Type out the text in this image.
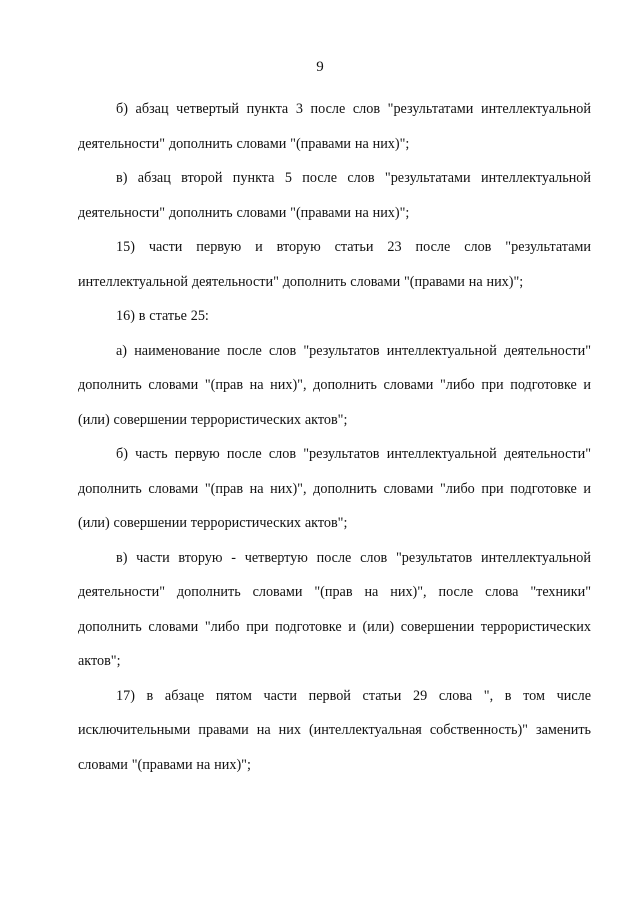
9

б) абзац четвертый пункта 3 после слов "результатами интеллектуальной деятельности" дополнить словами "(правами на них)";

в) абзац второй пункта 5 после слов "результатами интеллектуальной деятельности" дополнить словами "(правами на них)";

15) части первую и вторую статьи 23 после слов "результатами интеллектуальной деятельности" дополнить словами "(правами на них)";

16) в статье 25:

а) наименование после слов "результатов интеллектуальной деятельности" дополнить словами "(прав на них)", дополнить словами "либо при подготовке и (или) совершении террористических актов";

б) часть первую после слов "результатов интеллектуальной деятельности" дополнить словами "(прав на них)", дополнить словами "либо при подготовке и (или) совершении террористических актов";

в) части вторую - четвертую после слов "результатов интеллектуальной деятельности" дополнить словами "(прав на них)", после слова "техники" дополнить словами "либо при подготовке и (или) совершении террористических актов";

17) в абзаце пятом части первой статьи 29 слова ", в том числе исключительными правами на них (интеллектуальная собственность)" заменить словами "(правами на них)";
